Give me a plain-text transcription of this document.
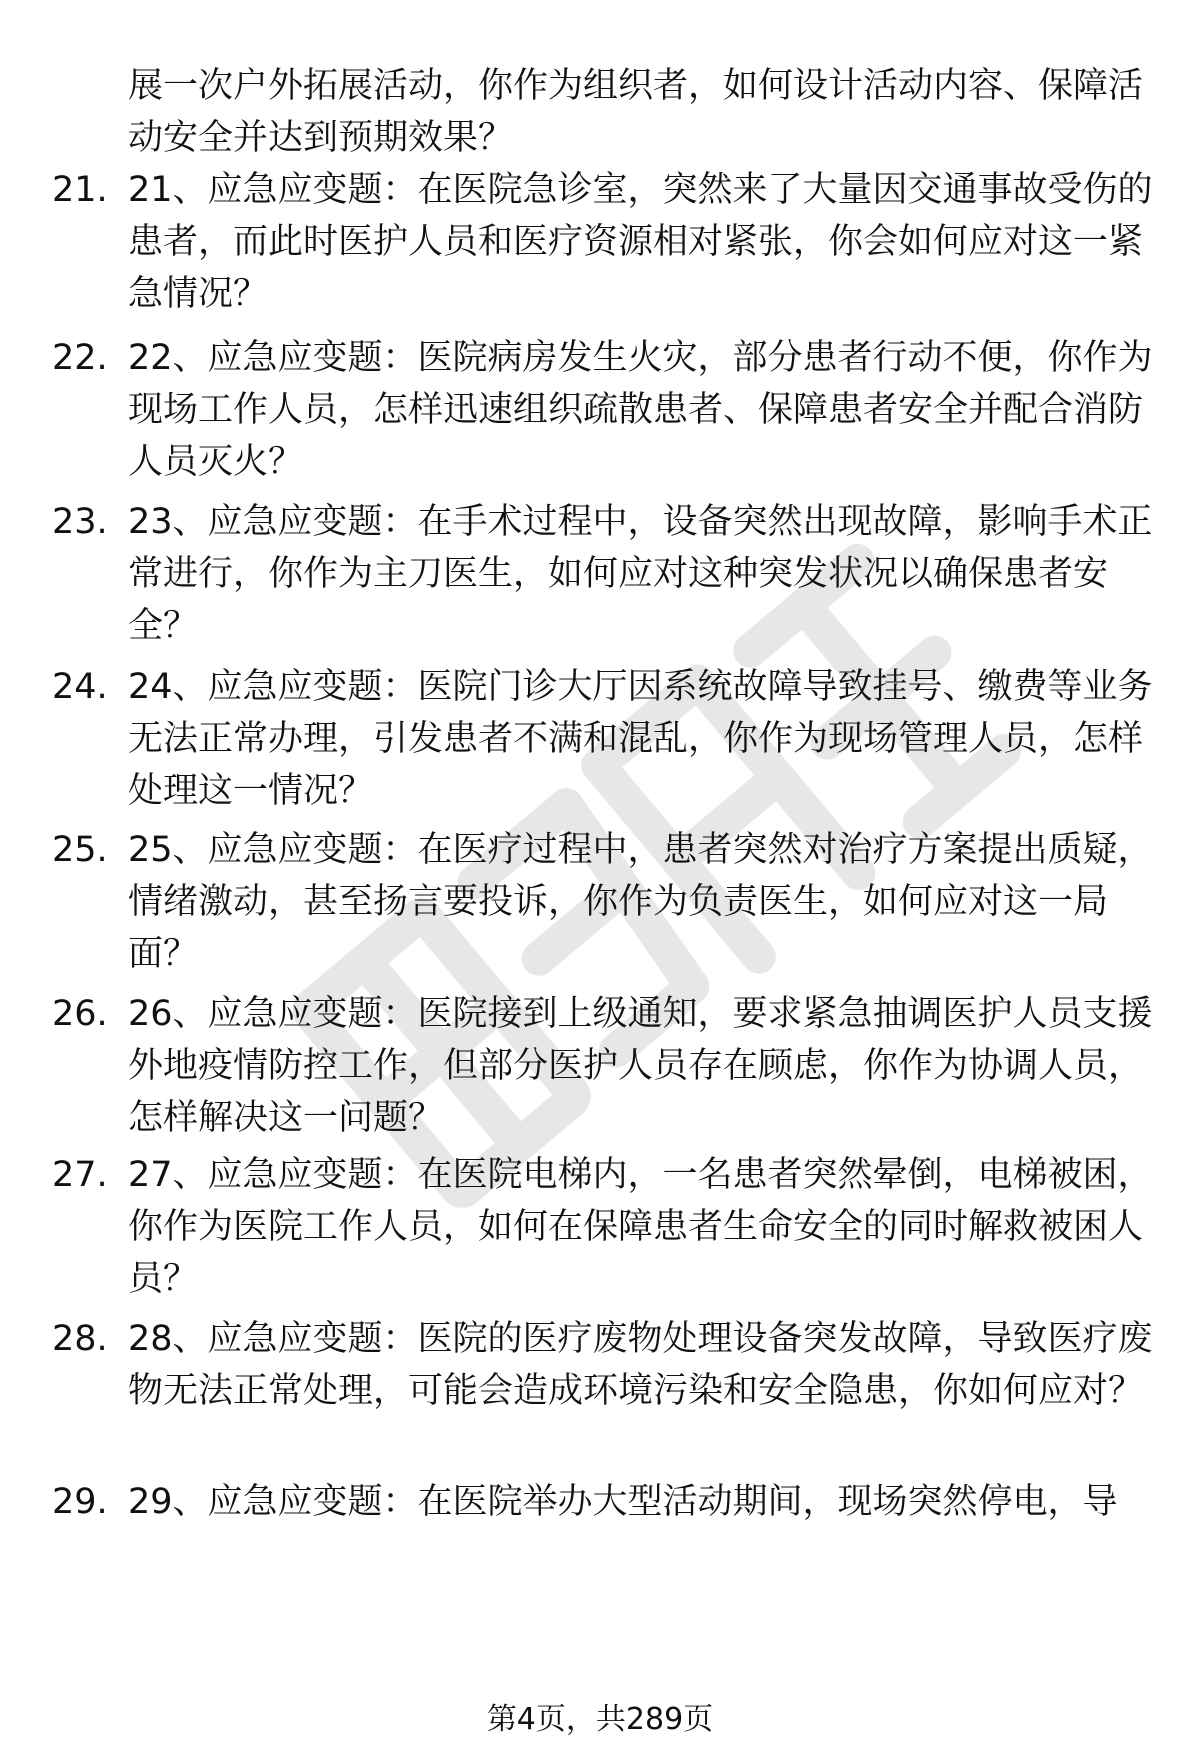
展一次户外拓展活动，你作为组织者，如何设计活动内容、保障活动安全并达到预期效果？
21. 21、应急应变题：在医院急诊室，突然来了大量因交通事故受伤的患者，而此时医护人员和医疗资源相对紧张，你会如何应对这一紧急情况？
22. 22、应急应变题：医院病房发生火灾，部分患者行动不便，你作为现场工作人员，怎样迅速组织疏散患者、保障患者安全并配合消防人员灭火？
23. 23、应急应变题：在手术过程中，设备突然出现故障，影响手术正常进行，你作为主刀医生，如何应对这种突发状况以确保患者安全？
24. 24、应急应变题：医院门诊大厅因系统故障导致挂号、缴费等业务无法正常办理，引发患者不满和混乱，你作为现场管理人员，怎样处理这一情况？
25. 25、应急应变题：在医疗过程中，患者突然对治疗方案提出质疑，情绪激动，甚至扬言要投诉，你作为负责医生，如何应对这一局面？
26. 26、应急应变题：医院接到上级通知，要求紧急抽调医护人员支援外地疫情防控工作，但部分医护人员存在顾虑，你作为协调人员，怎样解决这一问题？
27. 27、应急应变题：在医院电梯内，一名患者突然晕倒，电梯被困，你作为医院工作人员，如何在保障患者生命安全的同时解救被困人员？
28. 28、应急应变题：医院的医疗废物处理设备突发故障，导致医疗废物无法正常处理，可能会造成环境污染和安全隐患，你如何应对？
29. 29、应急应变题：在医院举办大型活动期间，现场突然停电，导
第4页，共289页
